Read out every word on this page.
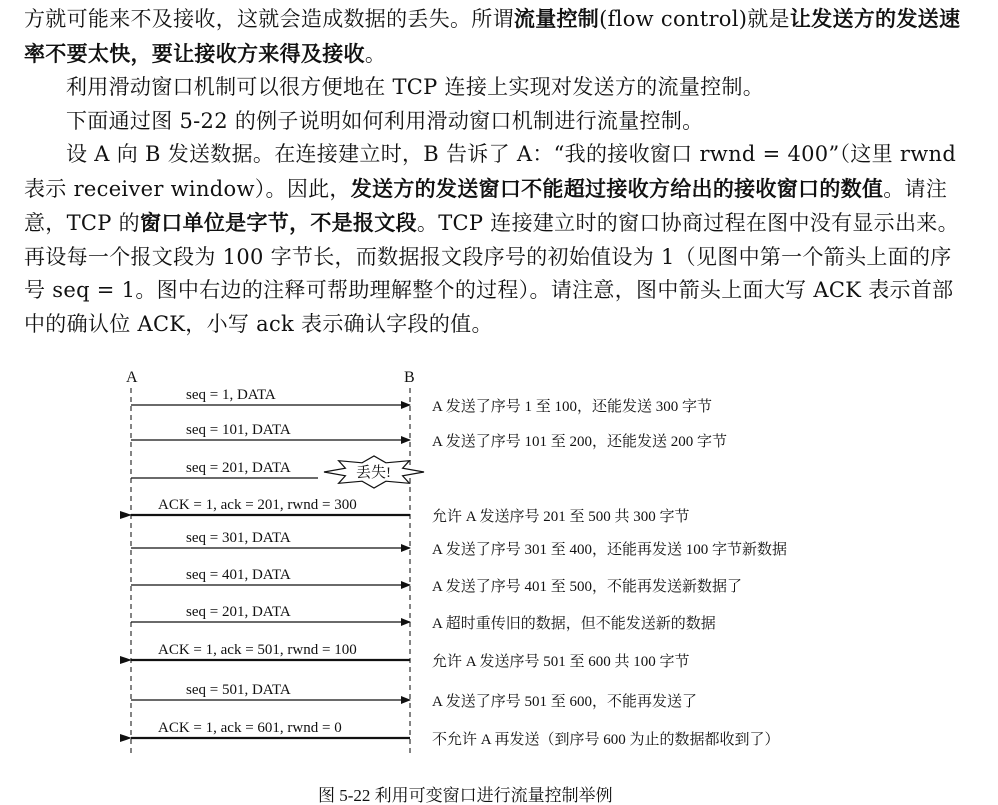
方就可能来不及接收，这就会造成数据的丢失。所谓流量控制(flow control)就是让发送方的发送速率不要太快，要让接收方来得及接收。

利用滑动窗口机制可以很方便地在 TCP 连接上实现对发送方的流量控制。

下面通过图 5-22 的例子说明如何利用滑动窗口机制进行流量控制。

设 A 向 B 发送数据。在连接建立时，B 告诉了 A：“我的接收窗口 rwnd = 400”（这里 rwnd 表示 receiver window）。因此，发送方的发送窗口不能超过接收方给出的接收窗口的数值。请注意，TCP 的窗口单位是字节，不是报文段。TCP 连接建立时的窗口协商过程在图中没有显示出来。再设每一个报文段为 100 字节长，而数据报文段序号的初始值设为 1（见图中第一个箭头上面的序号 seq = 1。图中右边的注释可帮助理解整个的过程）。请注意，图中箭头上面大写 ACK 表示首部中的确认位 ACK，小写 ack 表示确认字段的值。

A	B
seq = 1, DATA
A 发送了序号 1 至 100，还能发送 300 字节
seq = 101, DATA
A 发送了序号 101 至 200，还能发送 200 字节
seq = 201, DATA	丢失!
ACK = 1, ack = 201, rwnd = 300
允许 A 发送序号 201 至 500 共 300 字节
seq = 301, DATA
A 发送了序号 301 至 400，还能再发送 100 字节新数据
seq = 401, DATA
A 发送了序号 401 至 500，不能再发送新数据了
seq = 201, DATA
A 超时重传旧的数据，但不能发送新的数据
ACK = 1, ack = 501, rwnd = 100
允许 A 发送序号 501 至 600 共 100 字节
seq = 501, DATA
A 发送了序号 501 至 600，不能再发送了
ACK = 1, ack = 601, rwnd = 0
不允许 A 再发送（到序号 600 为止的数据都收到了）
图 5-22 利用可变窗口进行流量控制举例
